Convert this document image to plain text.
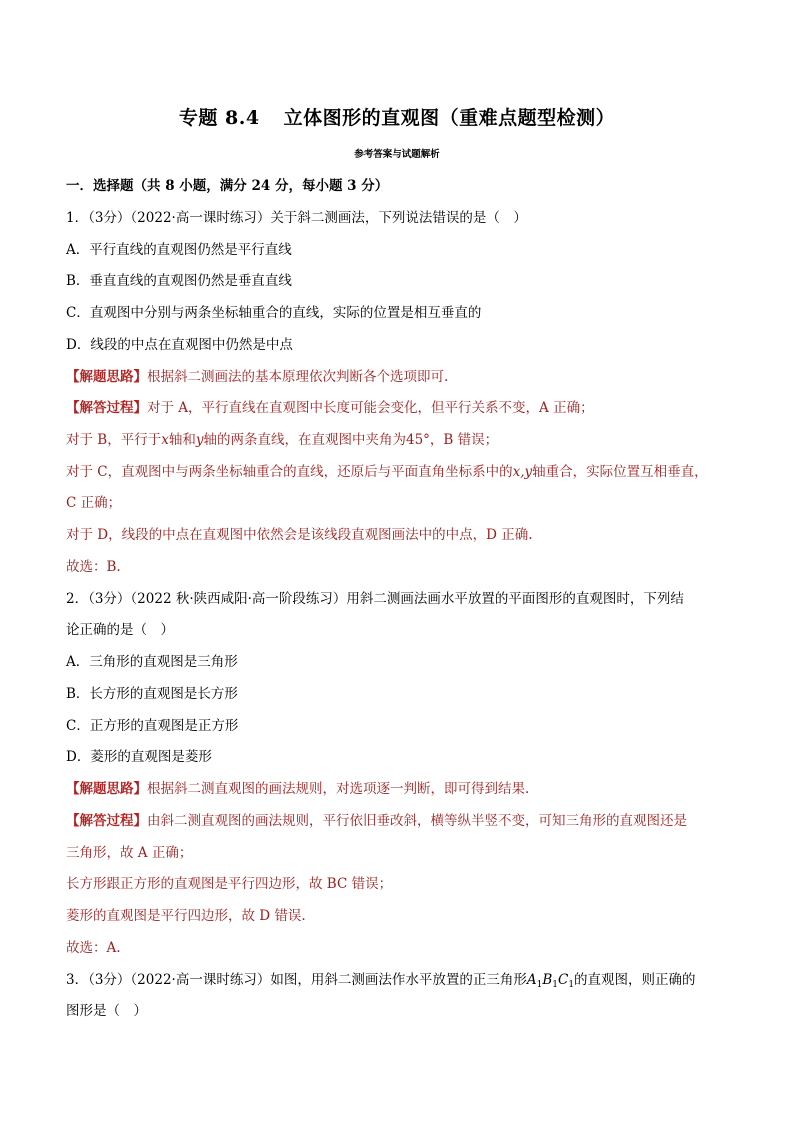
专题 8.4 立体图形的直观图（重难点题型检测）
参考答案与试题解析
一．选择题（共 8 小题，满分 24 分，每小题 3 分）
1．（3分）（2022·高一课时练习）关于斜二测画法，下列说法错误的是（　）
A．平行直线的直观图仍然是平行直线
B．垂直直线的直观图仍然是垂直直线
C．直观图中分别与两条坐标轴重合的直线，实际的位置是相互垂直的
D．线段的中点在直观图中仍然是中点
【解题思路】根据斜二测画法的基本原理依次判断各个选项即可.
【解答过程】对于 A，平行直线在直观图中长度可能会变化，但平行关系不变，A 正确；
对于 B，平行于x轴和y轴的两条直线，在直观图中夹角为45°，B 错误；
对于 C，直观图中与两条坐标轴重合的直线，还原后与平面直角坐标系中的x,y轴重合，实际位置互相垂直，
C 正确；
对于 D，线段的中点在直观图中依然会是该线段直观图画法中的中点，D 正确.
故选：B.
2．（3分）（2022 秋·陕西咸阳·高一阶段练习）用斜二测画法画水平放置的平面图形的直观图时，下列结
论正确的是（　）
A．三角形的直观图是三角形
B．长方形的直观图是长方形
C．正方形的直观图是正方形
D．菱形的直观图是菱形
【解题思路】根据斜二测直观图的画法规则，对选项逐一判断，即可得到结果.
【解答过程】由斜二测直观图的画法规则，平行依旧垂改斜，横等纵半竖不变，可知三角形的直观图还是
三角形，故 A 正确；
长方形跟正方形的直观图是平行四边形，故 BC 错误；
菱形的直观图是平行四边形，故 D 错误.
故选：A.
3．（3分）（2022·高一课时练习）如图，用斜二测画法作水平放置的正三角形$A_1B_1C_1$的直观图，则正确的
图形是（　）
